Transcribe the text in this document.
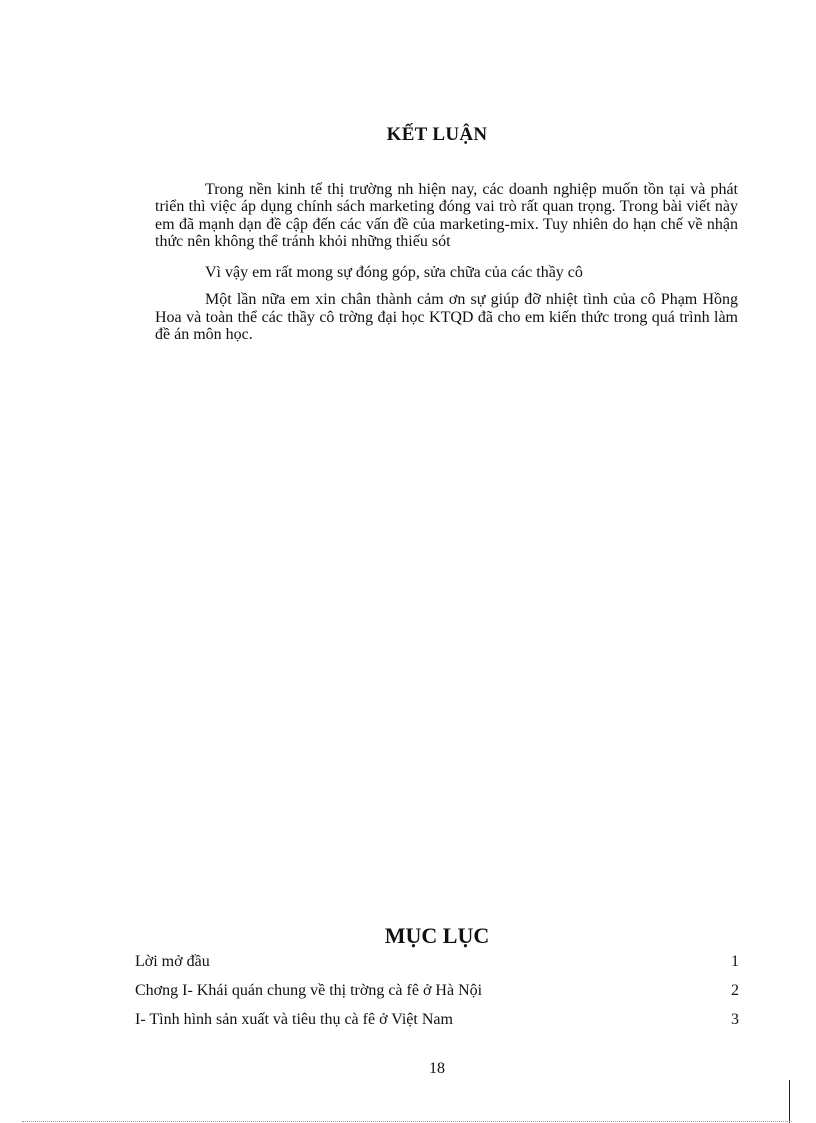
KẾT LUẬN

Trong nền kinh tế thị trường nh hiện nay, các doanh nghiệp muốn tồn tại và phát triển thì việc áp dụng chính sách marketing đóng vai trò rất quan trọng. Trong bài viết này em đã mạnh dạn đề cập đến các vấn đề của marketing-mix. Tuy nhiên do hạn chế về nhận thức nên không thể tránh khỏi những thiếu sót

Vì vậy em rất mong sự đóng góp, sửa chữa của các thầy cô

Một lần nữa em xin chân thành cảm ơn sự giúp đỡ nhiệt tình của cô Phạm Hồng Hoa và toàn thể các thầy cô trờng đại học KTQD đã cho em kiến thức trong quá trình làm đề án môn học.

MỤC LỤC
Lời mở đầu	1
Chơng I- Khái quán chung về thị trờng cà fê ở Hà Nội	2
I- Tình hình sản xuất và tiêu thụ cà fê ở Việt Nam	3
18
